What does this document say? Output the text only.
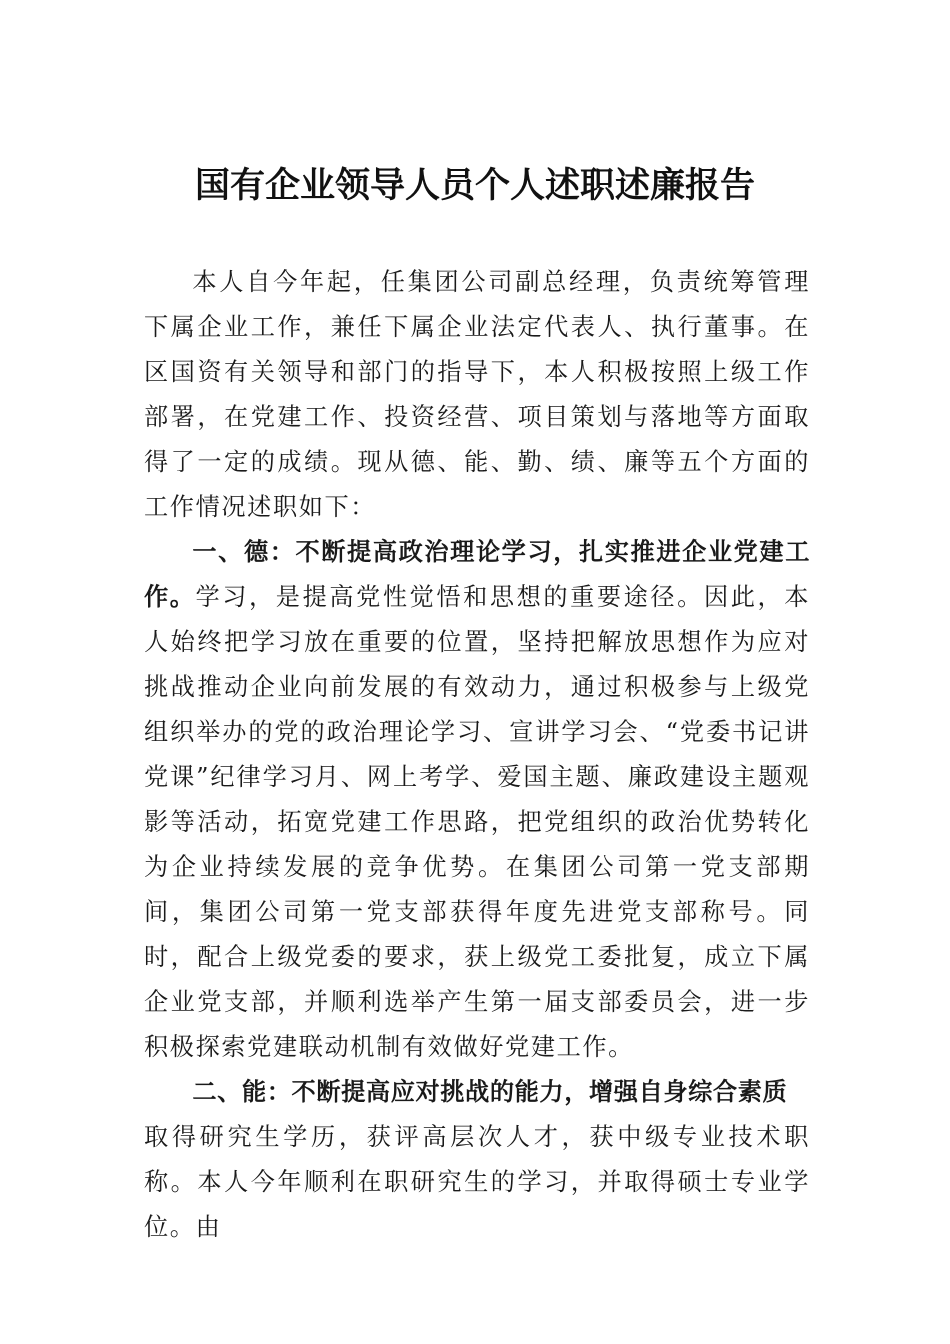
国有企业领导人员个人述职述廉报告

本人自今年起，任集团公司副总经理，负责统筹管理下属企业工作，兼任下属企业法定代表人、执行董事。在区国资有关领导和部门的指导下，本人积极按照上级工作部署，在党建工作、投资经营、项目策划与落地等方面取得了一定的成绩。现从德、能、勤、绩、廉等五个方面的工作情况述职如下：

一、德：不断提高政治理论学习，扎实推进企业党建工作。学习，是提高党性觉悟和思想的重要途径。因此，本人始终把学习放在重要的位置，坚持把解放思想作为应对挑战推动企业向前发展的有效动力，通过积极参与上级党组织举办的党的政治理论学习、宣讲学习会、“党委书记讲党课”纪律学习月、网上考学、爱国主题、廉政建设主题观影等活动，拓宽党建工作思路，把党组织的政治优势转化为企业持续发展的竞争优势。在集团公司第一党支部期间，集团公司第一党支部获得年度先进党支部称号。同时，配合上级党委的要求，获上级党工委批复，成立下属企业党支部，并顺利选举产生第一届支部委员会，进一步积极探索党建联动机制有效做好党建工作。

二、能：不断提高应对挑战的能力，增强自身综合素质

取得研究生学历，获评高层次人才，获中级专业技术职称。本人今年顺利在职研究生的学习，并取得硕士专业学位。由
